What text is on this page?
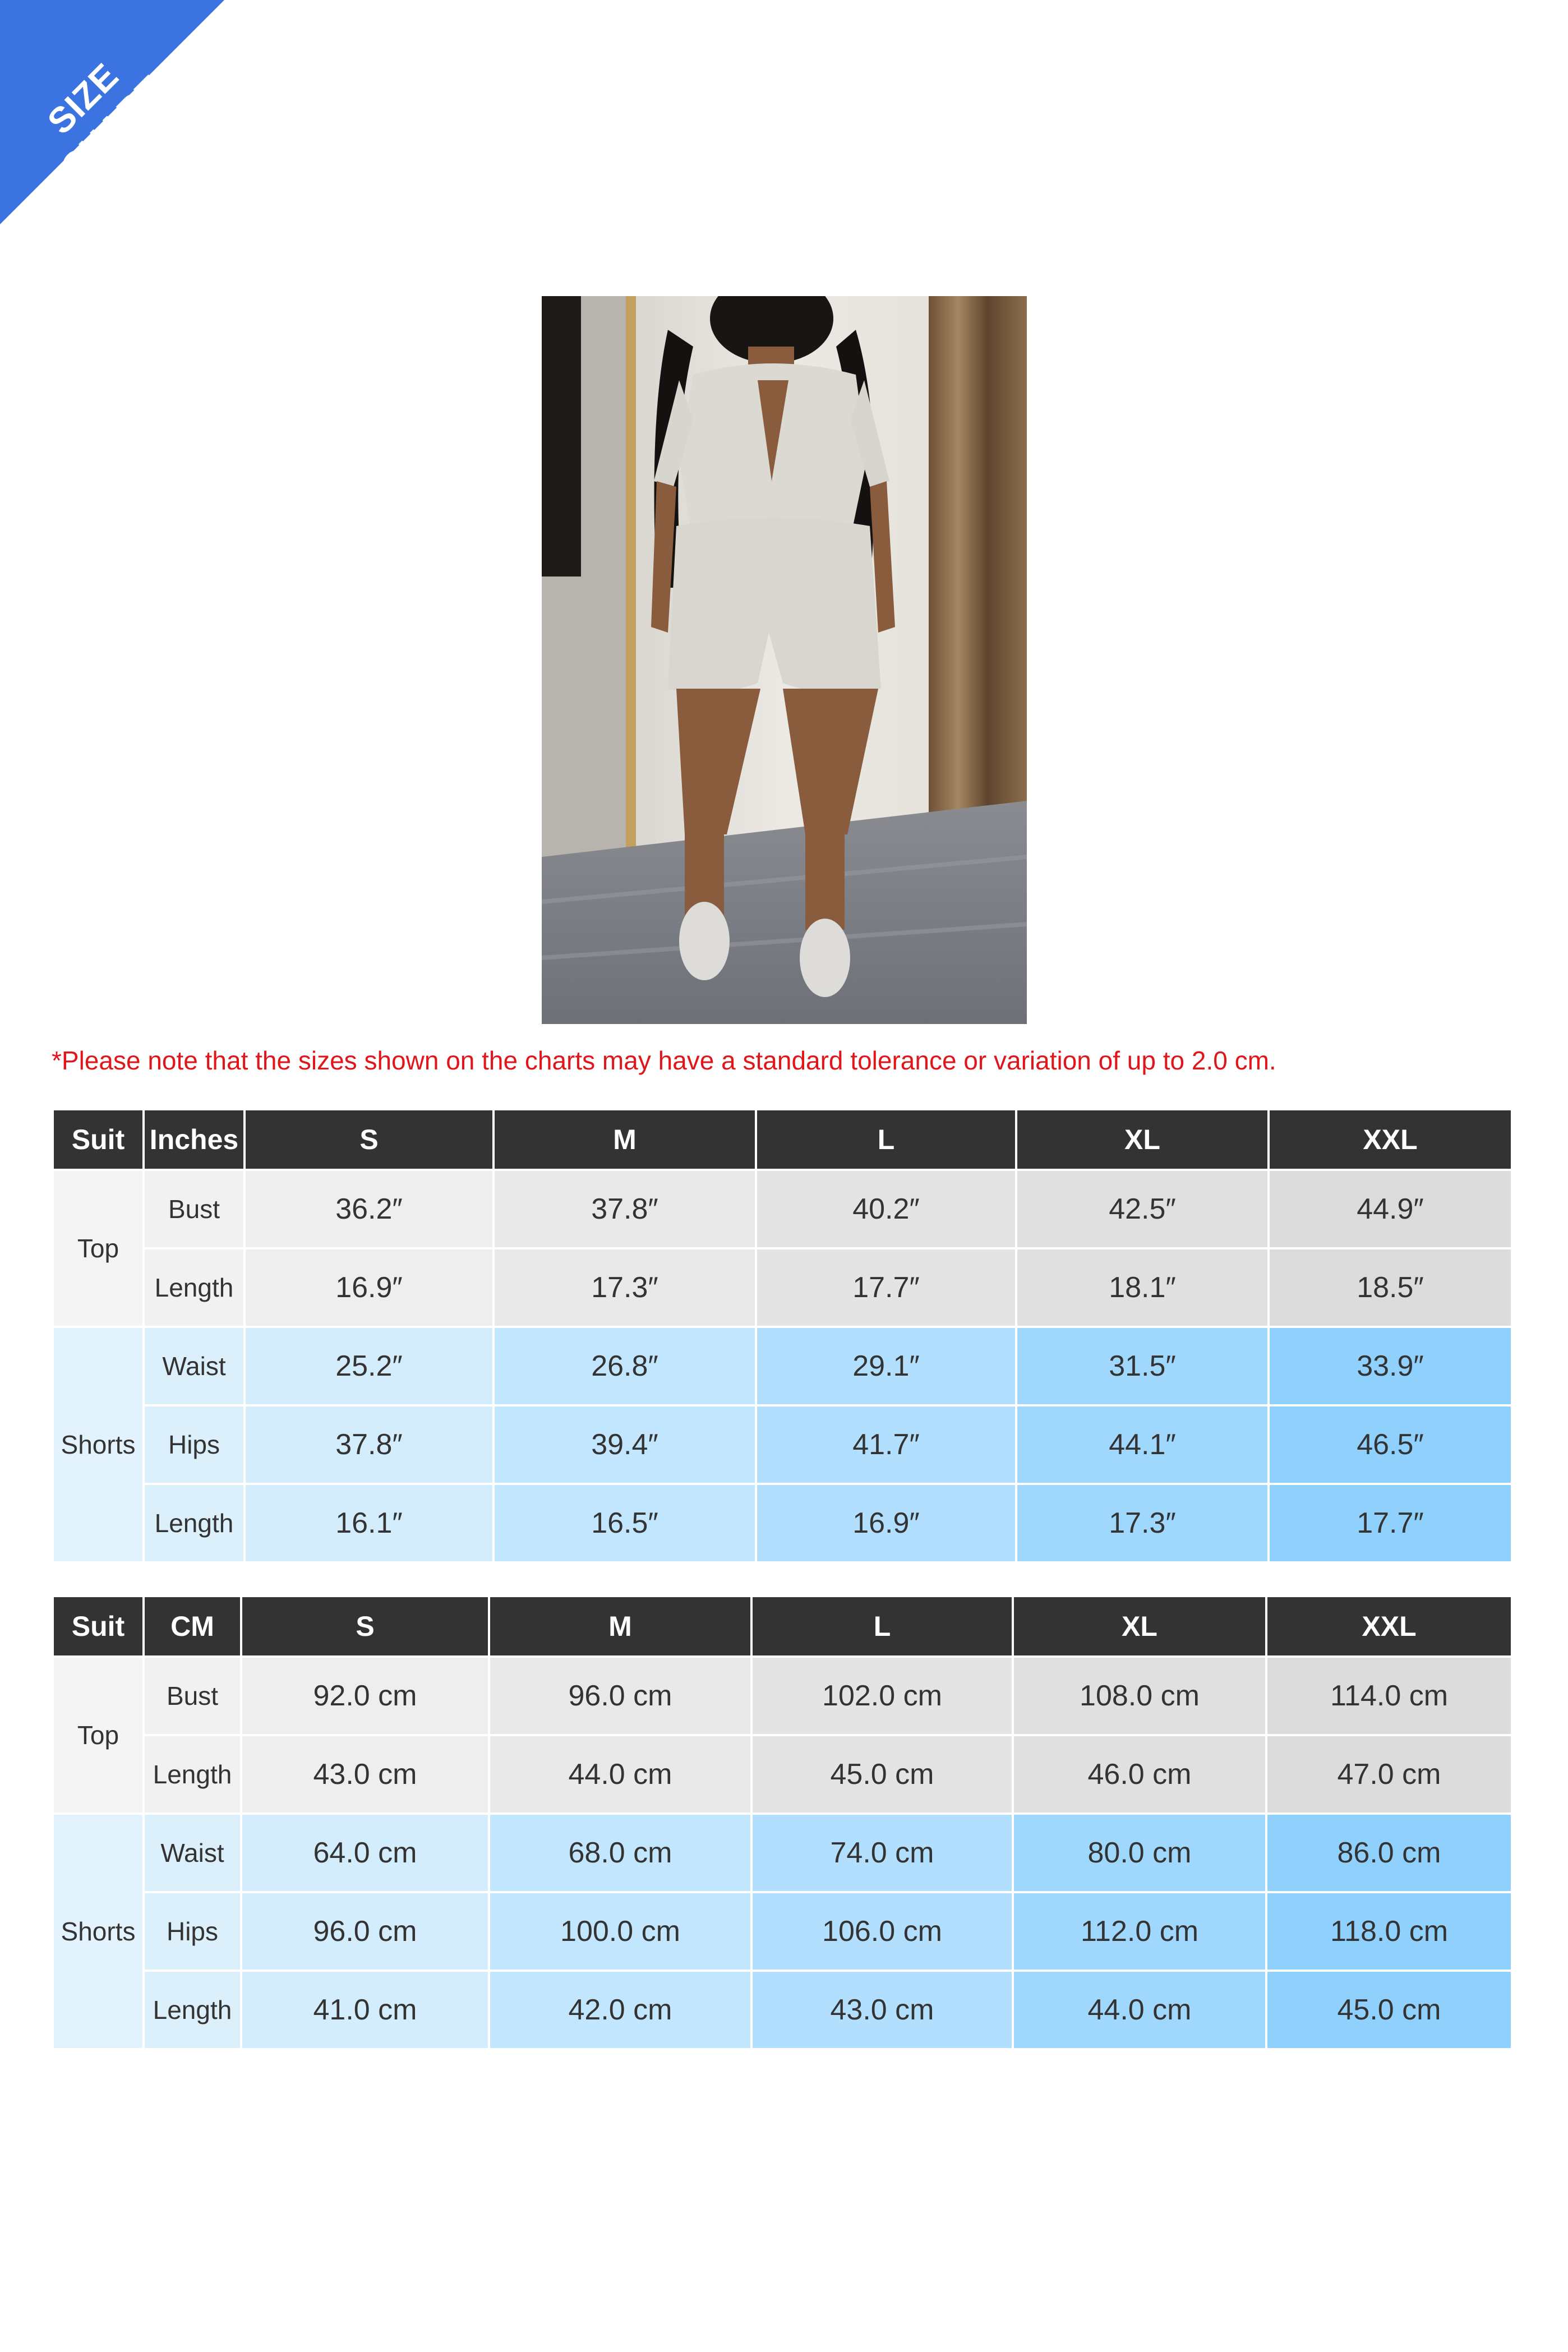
SIZE CHART
*Please note that the sizes shown on the charts may have a standard tolerance or variation of up to 2.0 cm.
Suit	Inches	S	M	L	XL	XXL
Top	Bust	36.2″	37.8″	40.2″	42.5″	44.9″
	Length	16.9″	17.3″	17.7″	18.1″	18.5″
Shorts	Waist	25.2″	26.8″	29.1″	31.5″	33.9″
	Hips	37.8″	39.4″	41.7″	44.1″	46.5″
	Length	16.1″	16.5″	16.9″	17.3″	17.7″
Suit	CM	S	M	L	XL	XXL
Top	Bust	92.0 cm	96.0 cm	102.0 cm	108.0 cm	114.0 cm
	Length	43.0 cm	44.0 cm	45.0 cm	46.0 cm	47.0 cm
Shorts	Waist	64.0 cm	68.0 cm	74.0 cm	80.0 cm	86.0 cm
	Hips	96.0 cm	100.0 cm	106.0 cm	112.0 cm	118.0 cm
	Length	41.0 cm	42.0 cm	43.0 cm	44.0 cm	45.0 cm
